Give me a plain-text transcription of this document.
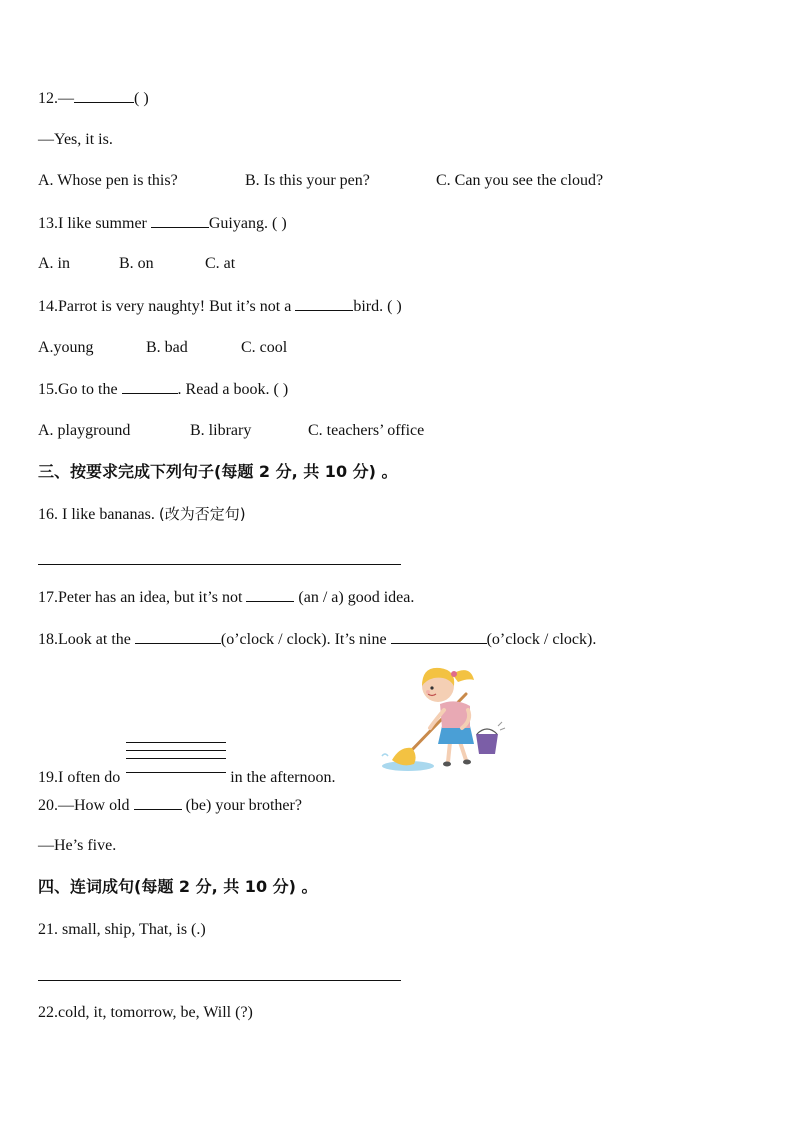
12.—	( )
—Yes, it is.
A. Whose pen is this?	B. Is this your pen?	C. Can you see the cloud?
13.I like summer	Guiyang. ( )
A. in	B. on	C. at
14.Parrot is very naughty! But it’s not a	bird. ( )
A.young	B. bad	C. cool
15.Go to the	. Read a book. ( )
A. playground	B. library	C. teachers’ office
三、按要求完成下列句子(每题 2 分, 共 10 分) 。
16. I like bananas. (改为否定句)
17.Peter has an idea, but it’s not	(an / a) good idea.
18.Look at the	(o’clock / clock). It’s nine	(o’clock / clock).
19.I often do	in the afternoon.
20.—How old	(be) your brother?
—He’s five.
四、连词成句(每题 2 分, 共 10 分) 。
21. small, ship, That, is (.)
22.cold, it, tomorrow, be, Will (?)
